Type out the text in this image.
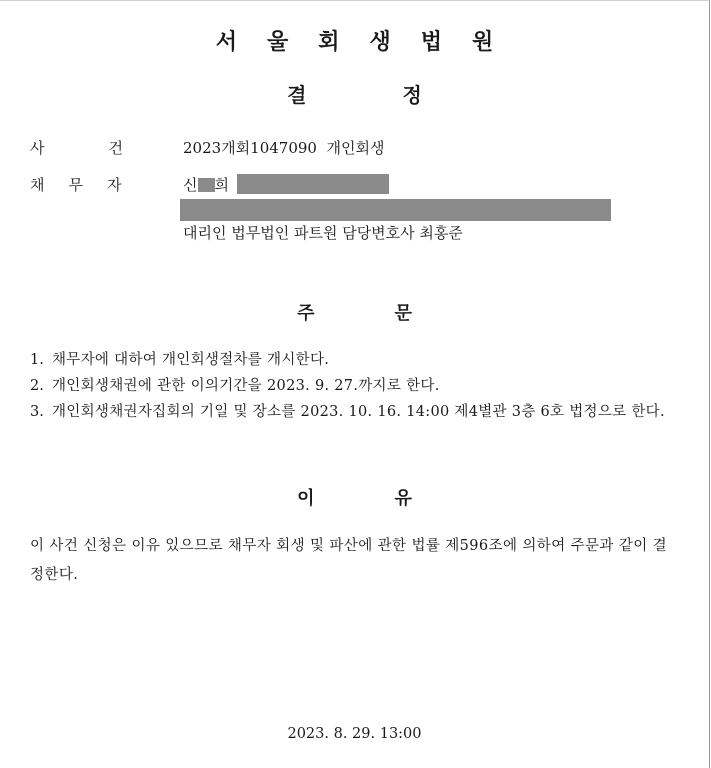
서울회생법원
결	정
사	건	2023개회1047090  개인회생
채 무 자	신 희
대리인 법무법인 파트원 담당변호사 최홍준
주	문
1. 채무자에 대하여 개인회생절차를 개시한다.
2. 개인회생채권에 관한 이의기간을 2023. 9. 27.까지로 한다.
3. 개인회생채권자집회의 기일 및 장소를 2023. 10. 16. 14:00 제4별관 3층 6호 법정으로 한다.
이	유
이 사건 신청은 이유 있으므로 채무자 회생 및 파산에 관한 법률 제596조에 의하여 주문과 같이 결정한다.
2023. 8. 29. 13:00
